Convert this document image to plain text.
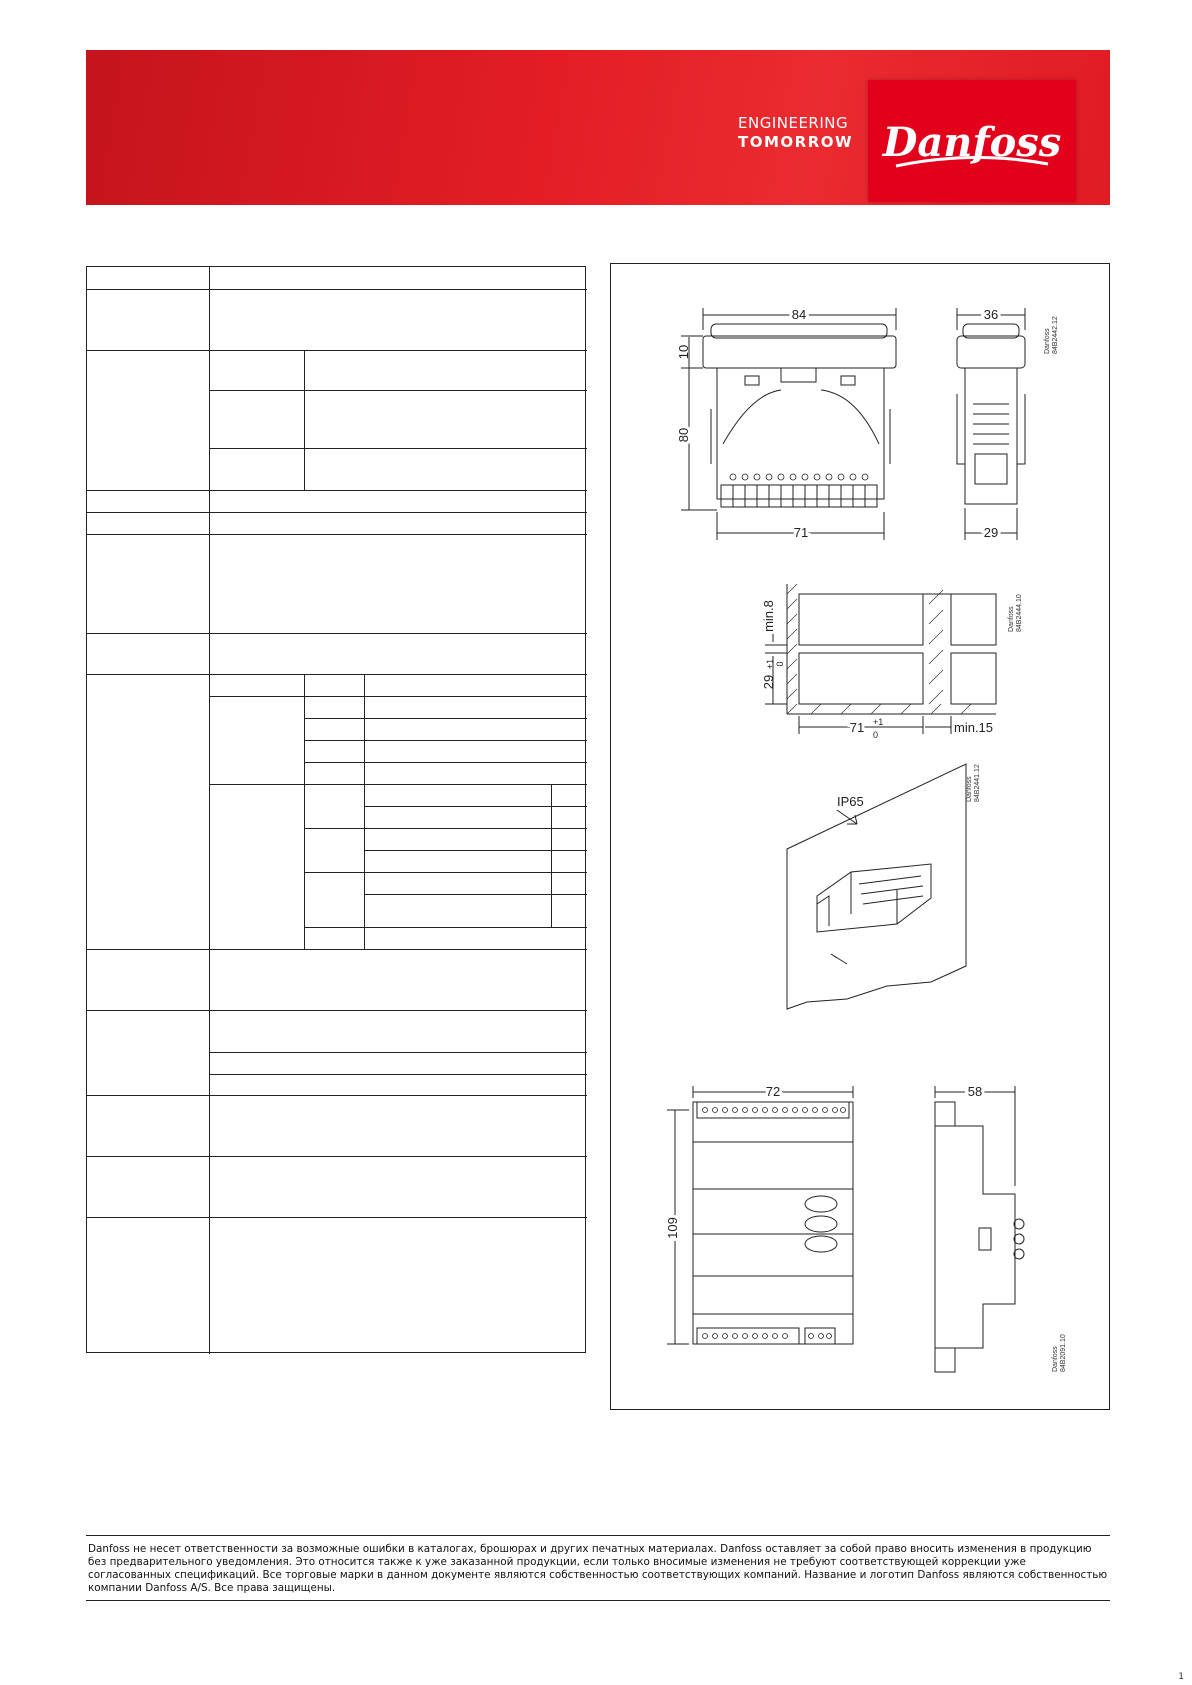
ENGINEERING
TOMORROW Danfoss
84
10
80
71
36
29
Danfoss84B2442.12
min.8
29
+1 0
71 +1
0	min.15
Danfoss84B2444.10
IP65	Danfoss84B2441.12
72
109
58
Danfoss84B2091.10

Danfoss не несет ответственности за возможные ошибки в каталогах, брошюрах и других печатных материалах. Danfoss оставляет за собой право вносить изменения в продукцию без предварительного уведомления. Это относится также к уже заказанной продукции, если только вносимые изменения не требуют соответствующей коррекции уже согласованных спецификаций. Все торговые марки в данном документе являются собственностью соответствующих компаний. Название и логотип Danfoss являются собственностью компании Danfoss A/S. Все права защищены.

1
